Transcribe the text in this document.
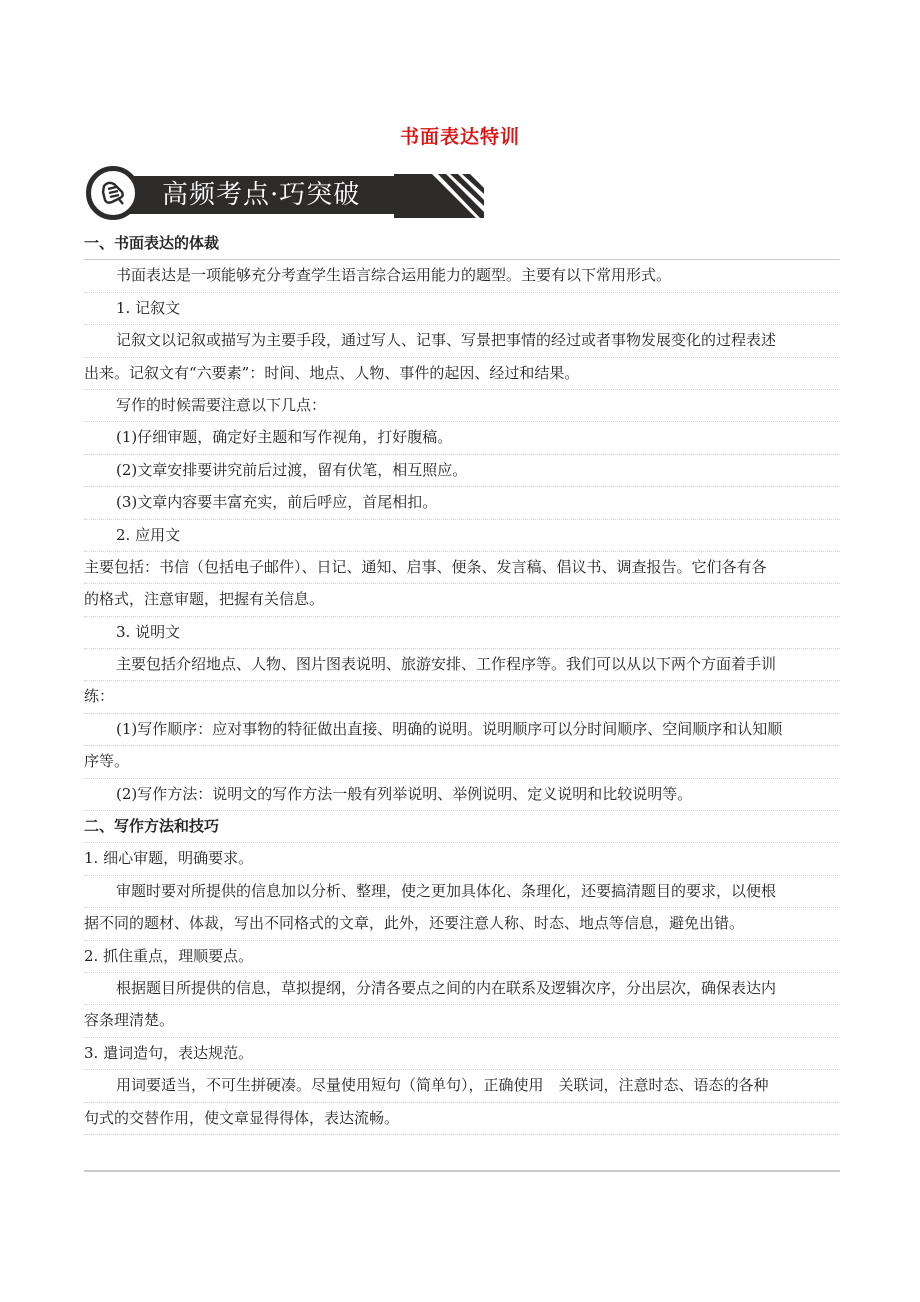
书面表达特训
高频考点·巧突破
一、书面表达的体裁
书面表达是一项能够充分考查学生语言综合运用能力的题型。主要有以下常用形式。
1. 记叙文
记叙文以记叙或描写为主要手段，通过写人、记事、写景把事情的经过或者事物发展变化的过程表述
出来。记叙文有“六要素”：时间、地点、人物、事件的起因、经过和结果。
写作的时候需要注意以下几点：
(1)仔细审题，确定好主题和写作视角，打好腹稿。
(2)文章安排要讲究前后过渡，留有伏笔，相互照应。
(3)文章内容要丰富充实，前后呼应，首尾相扣。
2. 应用文
主要包括：书信（包括电子邮件）、日记、通知、启事、便条、发言稿、倡议书、调查报告。它们各有各
的格式，注意审题，把握有关信息。
3. 说明文
主要包括介绍地点、人物、图片图表说明、旅游安排、工作程序等。我们可以从以下两个方面着手训
练：
(1)写作顺序：应对事物的特征做出直接、明确的说明。说明顺序可以分时间顺序、空间顺序和认知顺
序等。
(2)写作方法：说明文的写作方法一般有列举说明、举例说明、定义说明和比较说明等。
二、写作方法和技巧
1. 细心审题，明确要求。
审题时要对所提供的信息加以分析、整理，使之更加具体化、条理化，还要搞清题目的要求，以便根
据不同的题材、体裁，写出不同格式的文章，此外，还要注意人称、时态、地点等信息，避免出错。
2. 抓住重点，理顺要点。
根据题目所提供的信息，草拟提纲，分清各要点之间的内在联系及逻辑次序，分出层次，确保表达内
容条理清楚。
3. 遣词造句，表达规范。
用词要适当，不可生拼硬凑。尽量使用短句（简单句），正确使用　关联词，注意时态、语态的各种
句式的交替作用，使文章显得得体，表达流畅。
